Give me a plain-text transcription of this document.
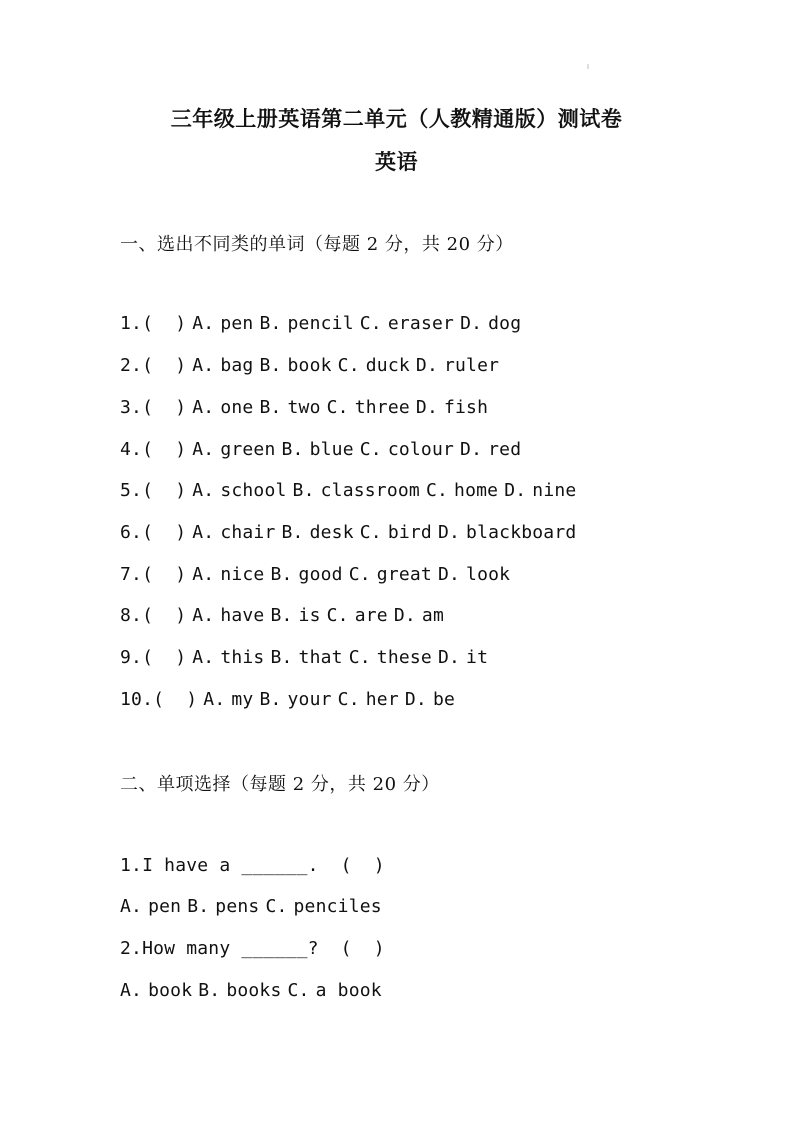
三年级上册英语第二单元（人教精通版）测试卷
英语
一、选出不同类的单词（每题 2 分，共 20 分）
1.(  ) A. pen B. pencil C. eraser D. dog
2.(  ) A. bag B. book C. duck D. ruler
3.(  ) A. one B. two C. three D. fish
4.(  ) A. green B. blue C. colour D. red
5.(  ) A. school B. classroom C. home D. nine
6.(  ) A. chair B. desk C. bird D. blackboard
7.(  ) A. nice B. good C. great D. look
8.(  ) A. have B. is C. are D. am
9.(  ) A. this B. that C. these D. it
10.(  ) A. my B. your C. her D. be
二、单项选择（每题 2 分，共 20 分）
1.I have a ______. (  )
A. pen B. pens C. penciles
2.How many ______? (  )
A. book B. books C. a book
